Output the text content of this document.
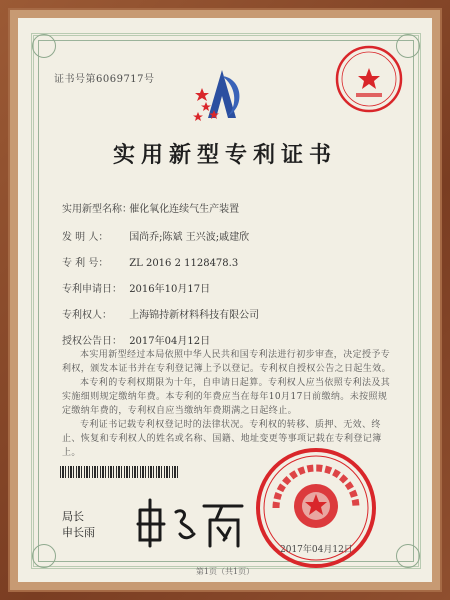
证书号第6069717号
实用新型专利证书
实用新型名称： 催化氧化连续气生产装置
发 明 人： 国尚乔;陈斌 王兴波;戚建欣
专 利 号： ZL 2016 2 1128478.3
专利申请日： 2016年10月17日
专利权人： 上海锦持新材料科技有限公司
授权公告日： 2017年04月12日

本实用新型经过本局依照中华人民共和国专利法进行初步审查，决定授予专利权，颁发本证书并在专利登记簿上予以登记。专利权自授权公告之日起生效。

本专利的专利权期限为十年，自申请日起算。专利权人应当依照专利法及其实施细则规定缴纳年费。本专利的年费应当在每年10月17日前缴纳。未按照规定缴纳年费的，专利权自应当缴纳年费期满之日起终止。

专利证书记载专利权登记时的法律状况。专利权的转移、质押、无效、终止、恢复和专利权人的姓名或名称、国籍、地址变更等事项记载在专利登记簿上。

局长
申长雨
2017年04月12日
第1页（共1页）
